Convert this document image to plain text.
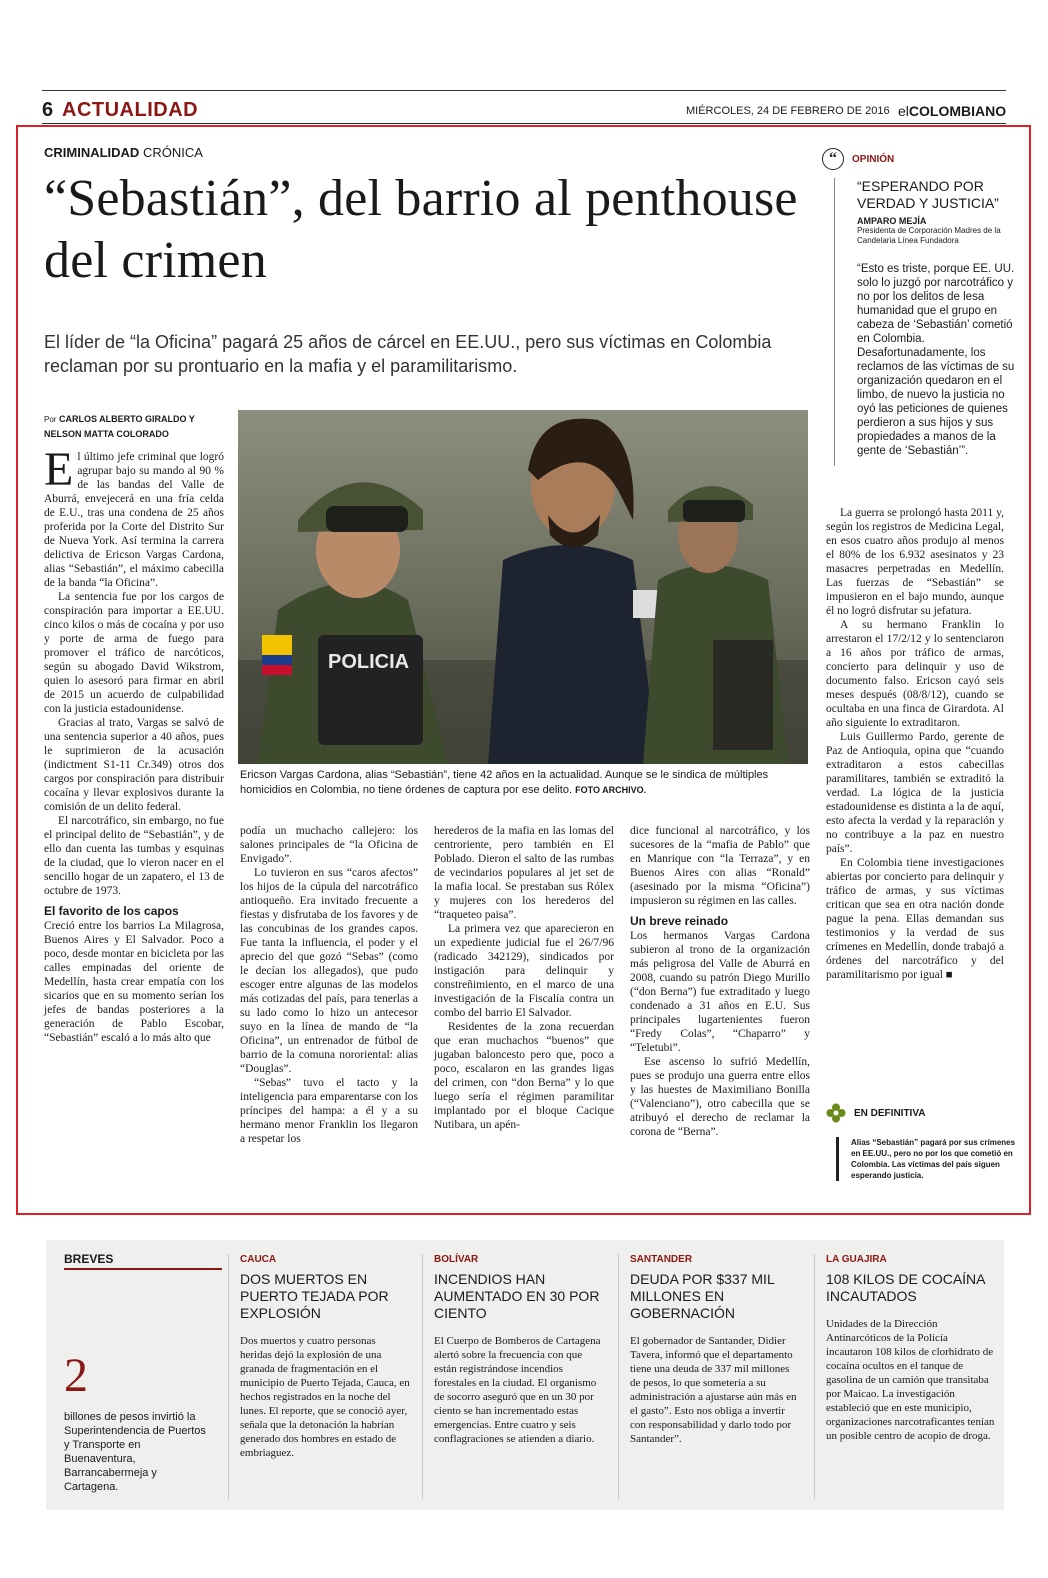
6 ACTUALIDAD	MIÉRCOLES, 24 DE FEBRERO DE 2016 elCOLOMBIANO
CRIMINALIDAD CRÓNICA
“Sebastián”, del barrio al penthouse del crimen
El líder de “la Oficina” pagará 25 años de cárcel en EE.UU., pero sus víctimas en Colombia reclaman por su prontuario en la mafia y el paramilitarismo.
Por CARLOS ALBERTO GIRALDO Y
NELSON MATTA COLORADO
POLICIA
Ericson Vargas Cardona, alias “Sebastián”, tiene 42 años en la actualidad. Aunque se le sindica de múltiples homicidios en Colombia, no tiene órdenes de captura por ese delito. FOTO ARCHIVO.

El último jefe criminal que logró agrupar bajo su mando al 90 % de las bandas del Valle de Aburrá, envejecerá en una fría celda de E.U., tras una condena de 25 años proferida por la Corte del Distrito Sur de Nueva York. Así termina la carrera delictiva de Ericson Vargas Cardona, alias “Sebastián”, el máximo cabecilla de la banda “la Oficina”.

La sentencia fue por los cargos de conspiración para importar a EE.UU. cinco kilos o más de cocaína y por uso y porte de arma de fuego para promover el tráfico de narcóticos, según su abogado David Wikstrom, quien lo asesoró para firmar en abril de 2015 un acuerdo de culpabilidad con la justicia estadounidense.

Gracias al trato, Vargas se salvó de una sentencia superior a 40 años, pues le suprimieron de la acusación (indictment S1-11 Cr.349) otros dos cargos por conspiración para distribuir cocaína y llevar explosivos durante la comisión de un delito federal.

El narcotráfico, sin embargo, no fue el principal delito de “Sebastián”, y de ello dan cuenta las tumbas y esquinas de la ciudad, que lo vieron nacer en el sencillo hogar de un zapatero, el 13 de octubre de 1973.

El favorito de los capos

Creció entre los barrios La Milagrosa, Buenos Aires y El Salvador. Poco a poco, desde montar en bicicleta por las calles empinadas del oriente de Medellín, hasta crear empatía con los sicarios que en su momento serían los jefes de bandas posteriores a la generación de Pablo Escobar, “Sebastián” escaló a lo más alto que

podía un muchacho callejero: los salones principales de “la Oficina de Envigado”.

Lo tuvieron en sus “caros afectos” los hijos de la cúpula del narcotráfico antioqueño. Era invitado frecuente a fiestas y disfrutaba de los favores y de las concubinas de los grandes capos. Fue tanta la influencia, el poder y el aprecio del que gozó “Sebas” (como le decían los allegados), que pudo escoger entre algunas de las modelos más cotizadas del país, para tenerlas a su lado como lo hizo un antecesor suyo en la línea de mando de “la Oficina”, un entrenador de fútbol de barrio de la comuna nororiental: alias “Douglas”.

“Sebas” tuvo el tacto y la inteligencia para emparentarse con los príncipes del hampa: a él y a su hermano menor Franklin los llegaron a respetar los

herederos de la mafia en las lomas del centroriente, pero también en El Poblado. Dieron el salto de las rumbas de vecindarios populares al jet set de la mafia local. Se prestaban sus Rólex y mujeres con los herederos del “traqueteo paisa”.

La primera vez que aparecieron en un expediente judicial fue el 26/7/96 (radicado 342129), sindicados por instigación para delinquir y constreñimiento, en el marco de una investigación de la Fiscalía contra un combo del barrio El Salvador.

Residentes de la zona recuerdan que eran muchachos “buenos” que jugaban baloncesto pero que, poco a poco, escalaron en las grandes ligas del crimen, con “don Berna” y lo que luego sería el régimen paramilitar implantado por el bloque Cacique Nutibara, un apén-

dice funcional al narcotráfico, y los sucesores de la “mafia de Pablo” que en Manrique con “la Terraza”, y en Buenos Aires con alias “Ronald” (asesinado por la misma “Oficina”) impusieron su régimen en las calles.

Un breve reinado

Los hermanos Vargas Cardona subieron al trono de la organización más peligrosa del Valle de Aburrá en 2008, cuando su patrón Diego Murillo (“don Berna”) fue extraditado y luego condenado a 31 años en E.U. Sus principales lugartenientes fueron “Fredy Colas”, “Chaparro” y “Teletubi”.

Ese ascenso lo sufrió Medellín, pues se produjo una guerra entre ellos y las huestes de Maximiliano Bonilla (“Valenciano”), otro cabecilla que se atribuyó el derecho de reclamar la corona de “Berna”.

La guerra se prolongó hasta 2011 y, según los registros de Medicina Legal, en esos cuatro años produjo al menos el 80% de los 6.932 asesinatos y 23 masacres perpetradas en Medellín. Las fuerzas de “Sebastián” se impusieron en el bajo mundo, aunque él no logró disfrutar su jefatura.

A su hermano Franklin lo arrestaron el 17/2/12 y lo sentenciaron a 16 años por tráfico de armas, concierto para delinquir y uso de documento falso. Ericson cayó seis meses después (08/8/12), cuando se ocultaba en una finca de Girardota. Al año siguiente lo extraditaron.

Luis Guillermo Pardo, gerente de Paz de Antioquia, opina que “cuando extraditaron a estos cabecillas paramilitares, también se extraditó la verdad. La lógica de la justicia estadounidense es distinta a la de aquí, esto afecta la verdad y la reparación y no contribuye a la paz en nuestro país”.

En Colombia tiene investigaciones abiertas por concierto para delinquir y tráfico de armas, y sus víctimas critican que sea en otra nación donde pague la pena. Ellas demandan sus testimonios y la verdad de sus crímenes en Medellín, donde trabajó a órdenes del narcotráfico y del paramilitarismo por igual ■

“	OPINIÓN
“ESPERANDO POR VERDAD Y JUSTICIA”
AMPARO MEJÍA
Presidenta de Corporación Madres de la Candelaria Línea Fundadora
“Esto es triste, porque EE. UU. solo lo juzgó por narcotráfico y no por los delitos de lesa humanidad que el grupo en cabeza de ‘Sebastián’ cometió en Colombia. Desafortunadamente, los reclamos de las víctimas de su organización quedaron en el limbo, de nuevo la justicia no oyó las peticiones de quienes perdieron a sus hijos y sus propiedades a manos de la gente de ‘Sebastián’”.
EN DEFINITIVA
Alias “Sebastián” pagará por sus crímenes en EE.UU., pero no por los que cometió en Colombia. Las víctimas del país siguen esperando justicia.
BREVES
2
billones de pesos invirtió la Superintendencia de Puertos y Transporte en Buenaventura, Barrancabermeja y Cartagena.
CAUCA
DOS MUERTOS EN PUERTO TEJADA POR EXPLOSIÓN
Dos muertos y cuatro personas heridas dejó la explosión de una granada de fragmentación en el municipio de Puerto Tejada, Cauca, en hechos registrados en la noche del lunes. El reporte, que se conoció ayer, señala que la detonación la habrían generado dos hombres en estado de embriaguez.
BOLÍVAR
INCENDIOS HAN AUMENTADO EN 30 POR CIENTO
El Cuerpo de Bomberos de Cartagena alertó sobre la frecuencia con que están registrándose incendios forestales en la ciudad. El organismo de socorro aseguró que en un 30 por ciento se han incrementado estas emergencias. Entre cuatro y seis conflagraciones se atienden a diario.
SANTANDER
DEUDA POR $337 MIL MILLONES EN GOBERNACIÓN
El gobernador de Santander, Didier Tavera, informó que el departamento tiene una deuda de 337 mil millones de pesos, lo que sometería a su administración a ajustarse aún más en el gasto”. Esto nos obliga a invertir con responsabilidad y darlo todo por Santander”.
LA GUAJIRA
108 KILOS DE COCAÍNA INCAUTADOS
Unidades de la Dirección Antinarcóticos de la Policía incautaron 108 kilos de clorhidrato de cocaína ocultos en el tanque de gasolina de un camión que transitaba por Maicao. La investigación estableció que en este municipio, organizaciones narcotraficantes tenían un posible centro de acopio de droga.
